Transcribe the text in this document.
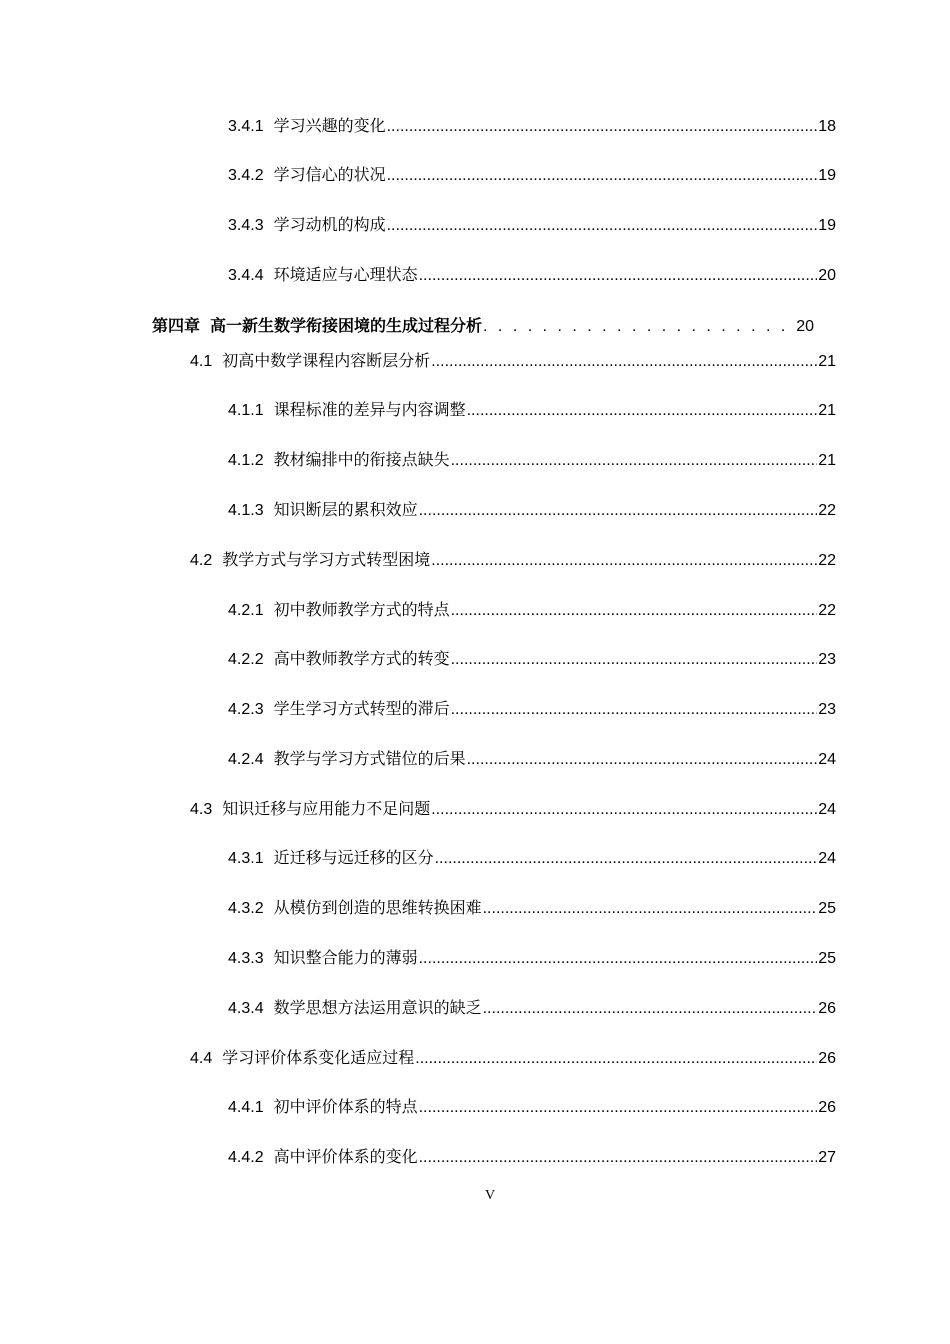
3.4.1 学习兴趣的变化 .....	18
3.4.2 学习信心的状况 .....	19
3.4.3 学习动机的构成 .....	19
3.4.4 环境适应与心理状态 .....	20
第四章 高一新生数学衔接困境的生成过程分析 . . .	20
4.1 初高中数学课程内容断层分析 .....	21
4.1.1 课程标准的差异与内容调整 .....	21
4.1.2 教材编排中的衔接点缺失 .....	21
4.1.3 知识断层的累积效应 .....	22
4.2 教学方式与学习方式转型困境 .....	22
4.2.1 初中教师教学方式的特点 .....	22
4.2.2 高中教师教学方式的转变 .....	23
4.2.3 学生学习方式转型的滞后 .....	23
4.2.4 教学与学习方式错位的后果 .....	24
4.3 知识迁移与应用能力不足问题 .....	24
4.3.1 近迁移与远迁移的区分 .....	24
4.3.2 从模仿到创造的思维转换困难 .....	25
4.3.3 知识整合能力的薄弱 .....	25
4.3.4 数学思想方法运用意识的缺乏 .....	26
4.4 学习评价体系变化适应过程 .....	26
4.4.1 初中评价体系的特点 .....	26
4.4.2 高中评价体系的变化 .....	27
V
